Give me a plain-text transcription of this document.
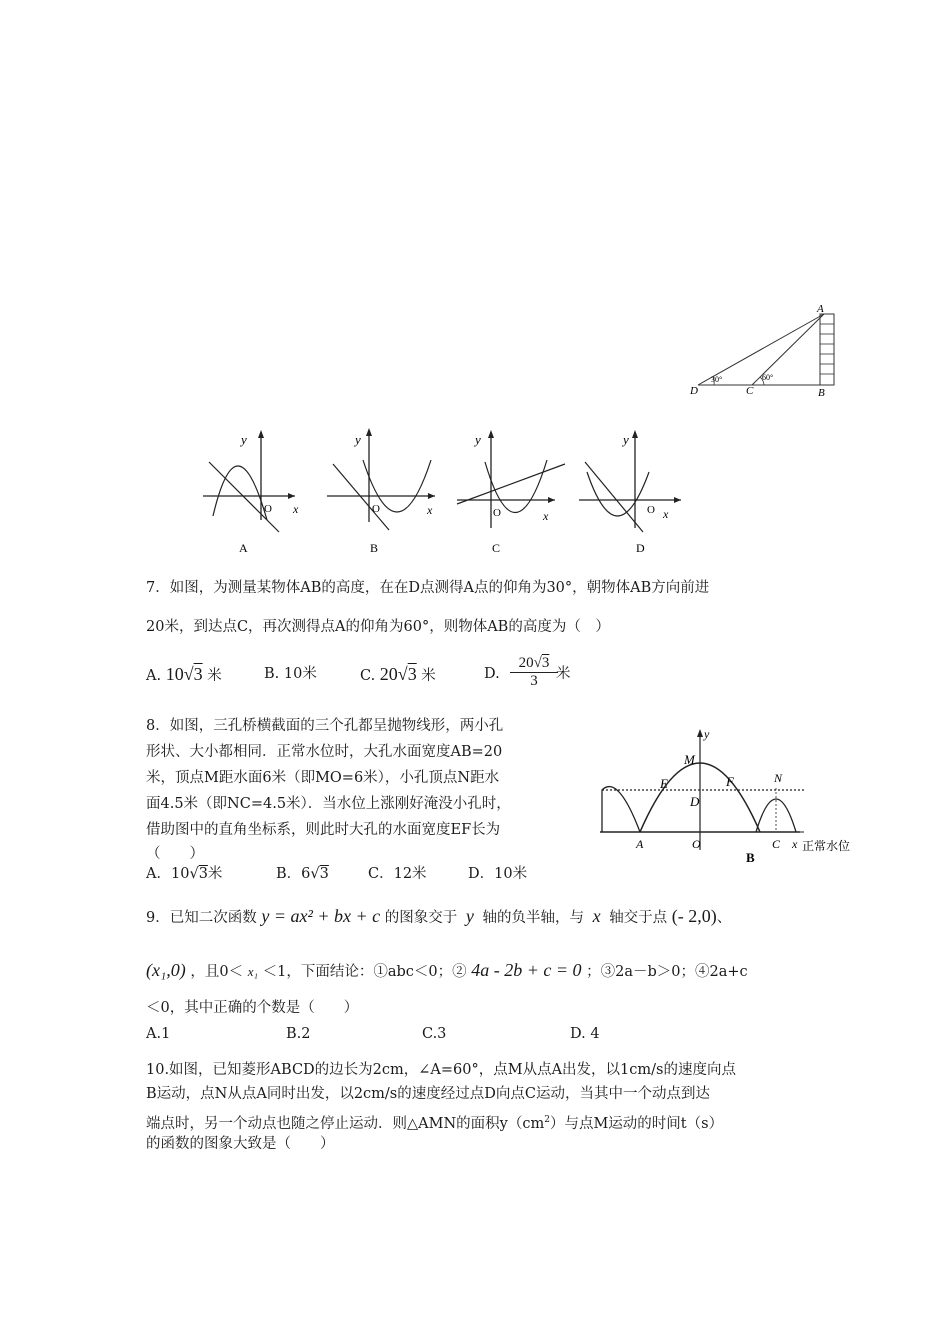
A
D	C	B
30°	60°
y
x
O
A
y
x
O
B
y
x
O
C
y
x
O
D
7．如图，为测量某物体AB的高度，在在D点测得A点的仰角为30°，朝物体AB方向前进
20米，到达点C，再次测得点A的仰角为60°，则物体AB的高度为（　）
A. 10√3 米	B. 10米	C. 20√3 米	D.
20√3
3	米
8．如图，三孔桥横截面的三个孔都呈抛物线形，两小孔
形状、大小都相同．正常水位时，大孔水面宽度AB=20
米，顶点M距水面6米（即MO=6米），小孔顶点N距水
面4.5米（即NC=4.5米）．当水位上涨刚好淹没小孔时，
借助图中的直角坐标系，则此时大孔的水面宽度EF长为
（　　）
A．10√3米	B．6√3	C．12米	D．10米
y
M
E	F	N
D
A	O
B
C x 正常水位
9．已知二次函数 y = ax² + bx + c 的图象交于 y 轴的负半轴，与 x 轴交于点 (- 2,0)、
(x₁,0) ，且0＜ x₁ ＜1，下面结论：①abc＜0；② 4a - 2b + c = 0 ；③2a－b＞0；④2a+c
＜0，其中正确的个数是（　　）
A.1	B.2	C.3	D. 4
10.如图，已知菱形ABCD的边长为2cm，∠A=60°，点M从点A出发，以1cm/s的速度向点
B运动，点N从点A同时出发，以2cm/s的速度经过点D向点C运动，当其中一个动点到达
端点时，另一个动点也随之停止运动．则△AMN的面积$y(cm^2)$与点M运动的时间t（s）
的函数的图象大致是（　　）
